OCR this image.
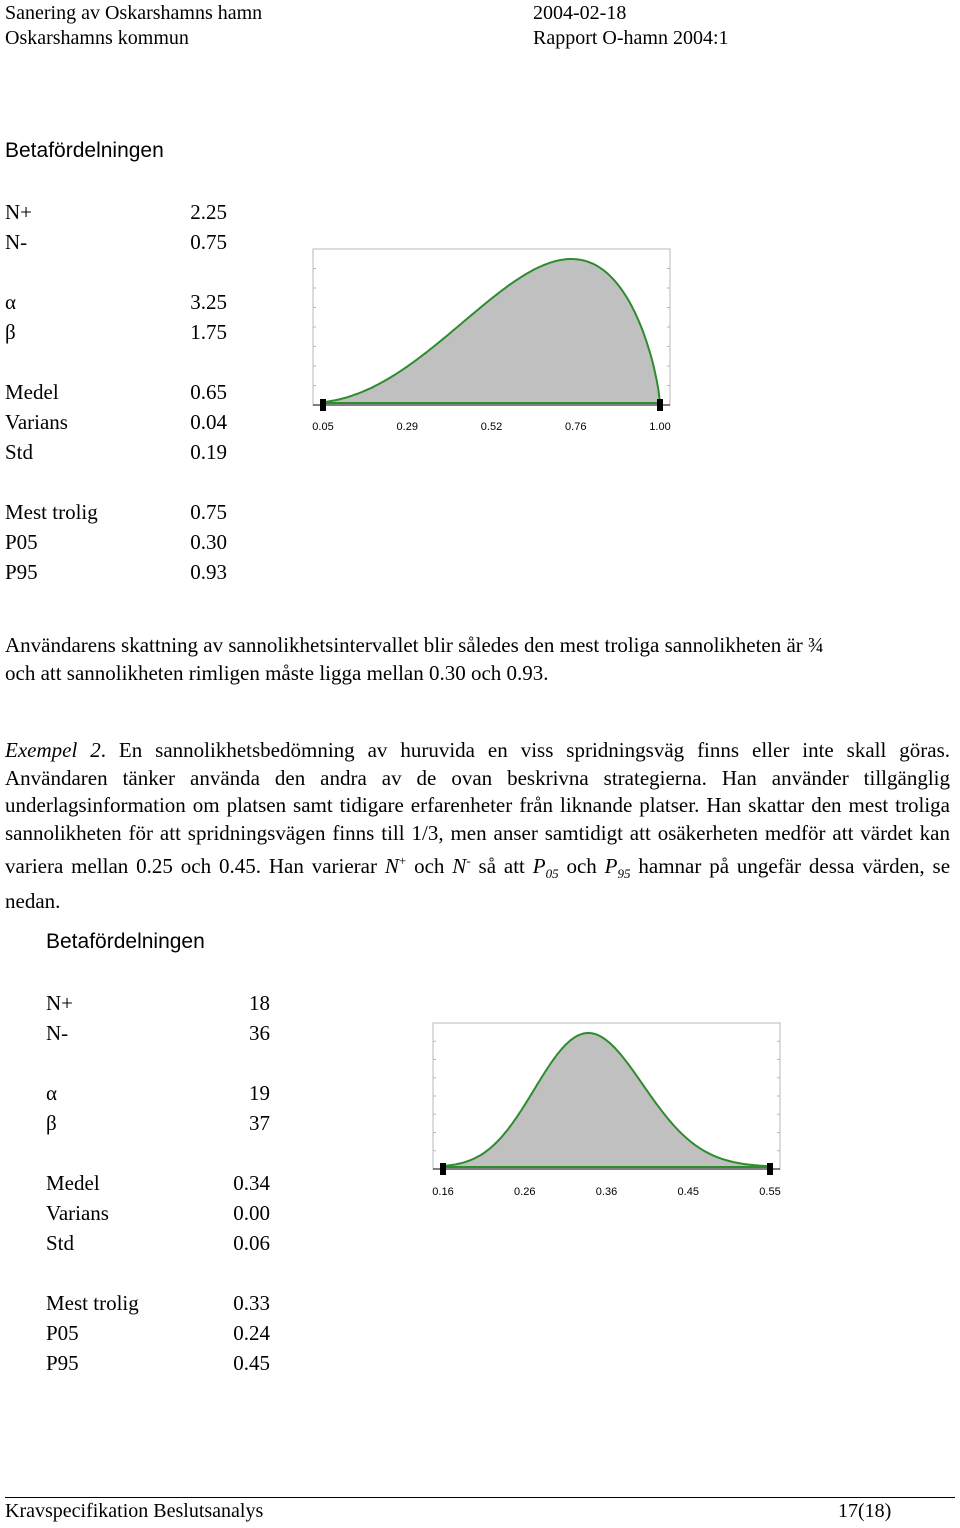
Sanering av Oskarshamns hamn	2004-02-18
Oskarshamns kommun	Rapport O-hamn 2004:1
Betafördelningen
N+	2.25
N-	0.75
α	3.25
β	1.75
Medel	0.65
Varians	0.04
Std	0.19
Mest trolig	0.75
P05	0.30
P95	0.93
0.05	0.29	0.52	0.76	1.00
Användarens skattning av sannolikhetsintervallet blir således den mest troliga sannolikheten är ¾
och att sannolikheten rimligen måste ligga mellan 0.30 och 0.93.
Exempel 2. En sannolikhetsbedömning av huruvida en viss spridningsväg finns eller inte skall göras. Användaren tänker använda den andra av de ovan beskrivna strategierna. Han använder tillgänglig underlagsinformation om platsen samt tidigare erfarenheter från liknande platser. Han skattar den mest troliga sannolikheten för att spridningsvägen finns till 1/3, men anser samtidigt att osäkerheten medför att värdet kan variera mellan 0.25 och 0.45. Han varierar N+ och N- så att $P_{05}$ och $P_{95}$ hamnar på ungefär dessa värden, se nedan.
Betafördelningen
N+	18
N-	36
α	19
β	37
Medel	0.34
Varians	0.00
Std	0.06
Mest trolig	0.33
P05	0.24
P95	0.45
0.16	0.26	0.36	0.45	0.55
Kravspecifikation Beslutsanalys	17(18)
